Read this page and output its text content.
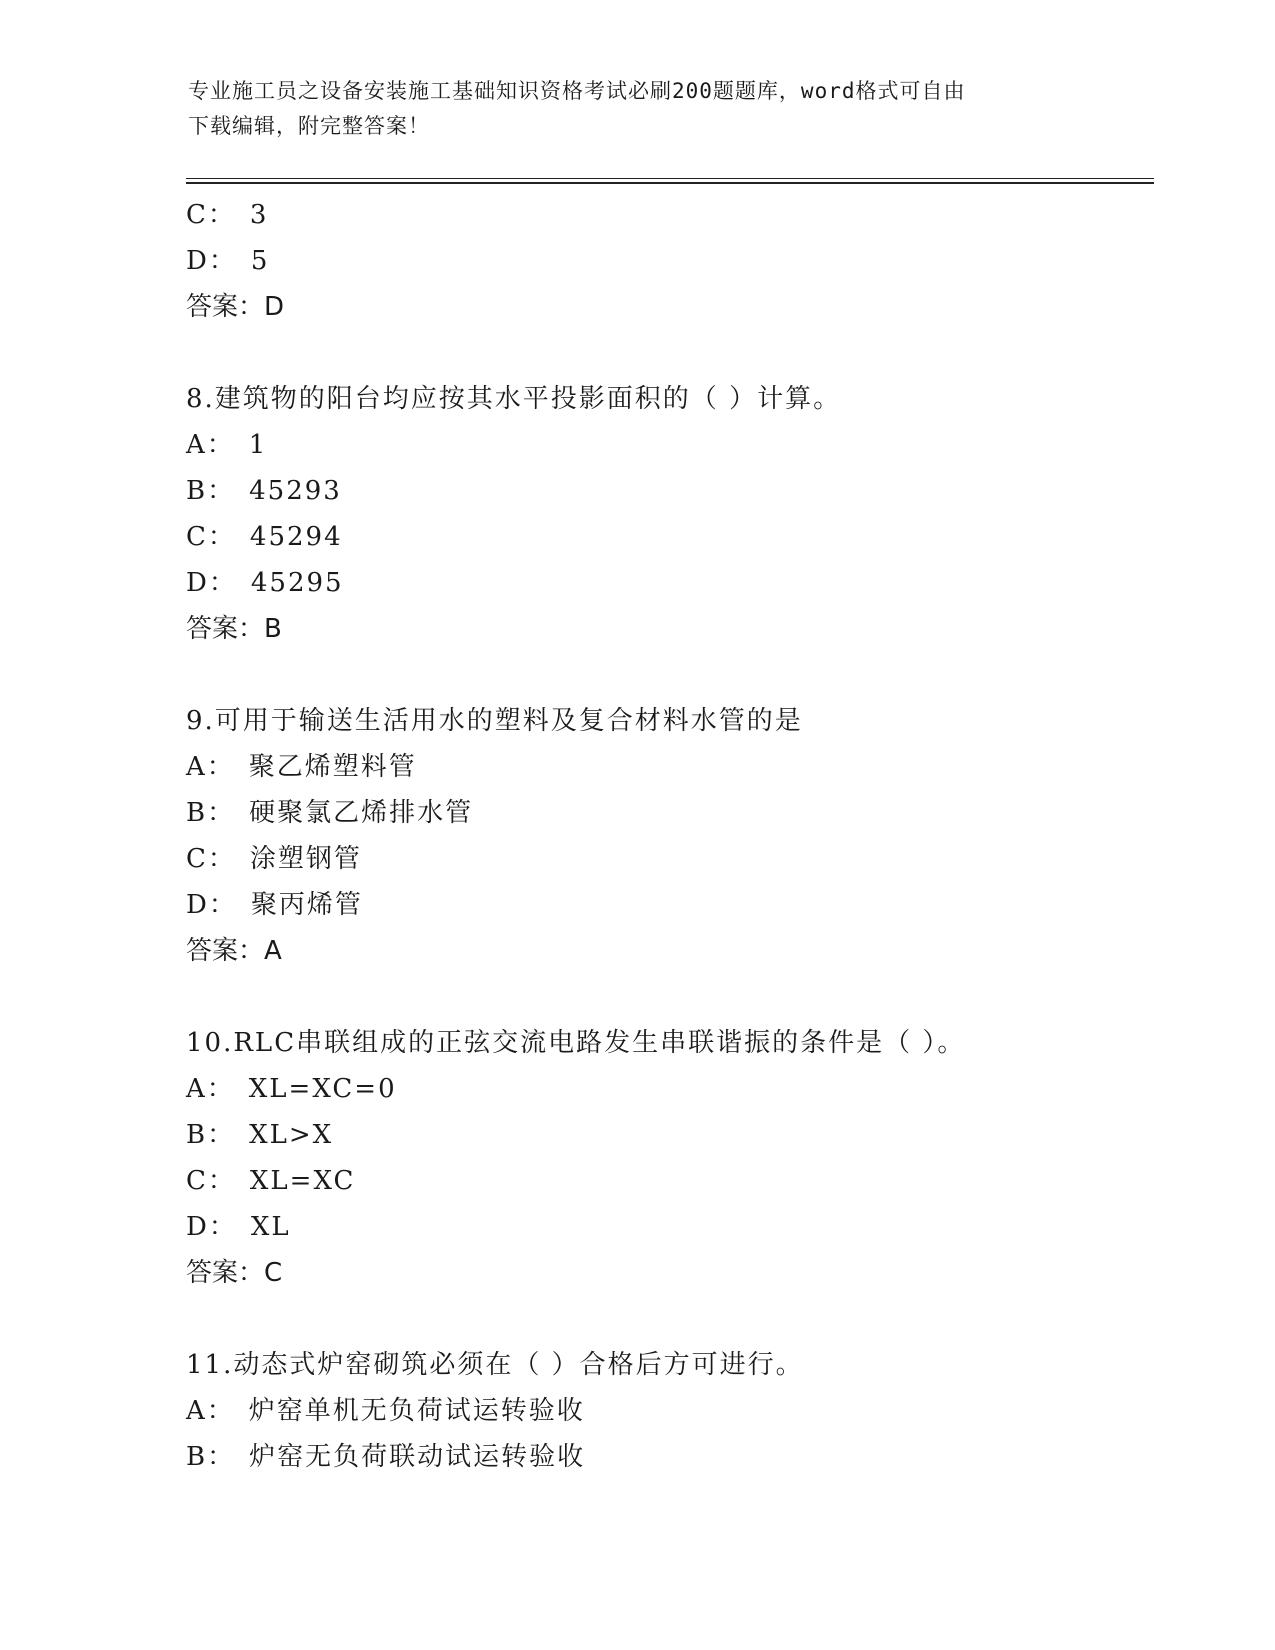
专业施工员之设备安装施工基础知识资格考试必刷200题题库，word格式可自由
下载编辑，附完整答案！
C： 3
D： 5
答案：D
8.建筑物的阳台均应按其水平投影面积的（ ）计算。
A： 1
B： 45293
C： 45294
D： 45295
答案：B
9.可用于输送生活用水的塑料及复合材料水管的是
A： 聚乙烯塑料管
B： 硬聚氯乙烯排水管
C： 涂塑钢管
D： 聚丙烯管
答案：A
10.RLC串联组成的正弦交流电路发生串联谐振的条件是（ ）。
A： XL=XC=0
B： XL>X
C： XL=XC
D： XL
答案：C
11.动态式炉窑砌筑必须在（ ）合格后方可进行。
A： 炉窑单机无负荷试运转验收
B： 炉窑无负荷联动试运转验收
